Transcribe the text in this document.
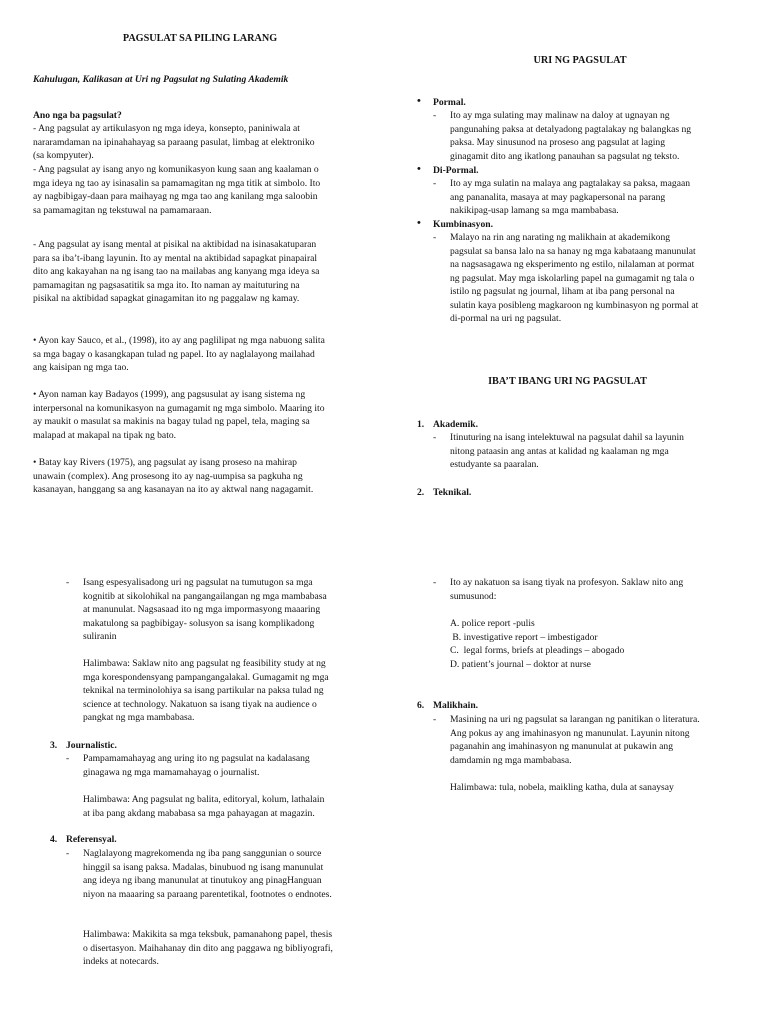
PAGSULAT SA PILING LARANG
Kahulugan, Kalikasan at Uri ng Pagsulat ng Sulating Akademik
Ano nga ba pagsulat?
- Ang pagsulat ay artikulasyon ng mga ideya, konsepto, paniniwala at
nararamdaman na ipinahahayag sa paraang pasulat, limbag at elektroniko
(sa kompyuter).
- Ang pagsulat ay isang anyo ng komunikasyon kung saan ang kaalaman o
mga ideya ng tao ay isinasalin sa pamamagitan ng mga titik at simbolo. Ito
ay nagbibigay-daan para maihayag ng mga tao ang kanilang mga saloobin
sa pamamagitan ng tekstuwal na pamamaraan.
- Ang pagsulat ay isang mental at pisikal na aktibidad na isinasakatuparan
para sa iba’t-ibang layunin. Ito ay mental na aktibidad sapagkat pinapairal
dito ang kakayahan na ng isang tao na mailabas ang kanyang mga ideya sa
pamamagitan ng pagsasatitik sa mga ito. Ito naman ay maituturing na
pisikal na aktibidad sapagkat ginagamitan ito ng paggalaw ng kamay.
• Ayon kay Sauco, et al., (1998), ito ay ang paglilipat ng mga nabuong salita
sa mga bagay o kasangkapan tulad ng papel. Ito ay naglalayong mailahad
ang kaisipan ng mga tao.
• Ayon naman kay Badayos (1999), ang pagsusulat ay isang sistema ng
interpersonal na komunikasyon na gumagamit ng mga simbolo. Maaring ito
ay maukit o masulat sa makinis na bagay tulad ng papel, tela, maging sa
malapad at makapal na tipak ng bato.
• Batay kay Rivers (1975), ang pagsulat ay isang proseso na mahirap
unawain (complex). Ang prosesong ito ay nag-uumpisa sa pagkuha ng
kasanayan, hanggang sa ang kasanayan na ito ay aktwal nang nagagamit.
URI NG PAGSULAT
• Pormal.
- Ito ay mga sulating may malinaw na daloy at ugnayan ng
pangunahing paksa at detalyadong pagtalakay ng balangkas ng
paksa. May sinusunod na proseso ang pagsulat at laging
ginagamit dito ang ikatlong panauhan sa pagsulat ng teksto.
• Di-Pormal.
- Ito ay mga sulatin na malaya ang pagtalakay sa paksa, magaan
ang pananalita, masaya at may pagkapersonal na parang
nakikipag-usap lamang sa mga mambabasa.
• Kumbinasyon.
- Malayo na rin ang narating ng malikhain at akademikong
pagsulat sa bansa lalo na sa hanay ng mga kabataang manunulat
na nagsasagawa ng eksperimento ng estilo, nilalaman at pormat
ng pagsulat. May mga iskolarling papel na gumagamit ng tala o
istilo ng pagsulat ng journal, liham at iba pang personal na
sulatin kaya posibleng magkaroon ng kumbinasyon ng pormal at
di-pormal na uri ng pagsulat.
IBA’T IBANG URI NG PAGSULAT
1. Akademik.
- Itinuturing na isang intelektuwal na pagsulat dahil sa layunin
nitong pataasin ang antas at kalidad ng kaalaman ng mga
estudyante sa paaralan.
2. Teknikal.
- Isang espesyalisadong uri ng pagsulat na tumutugon sa mga
kognitib at sikolohikal na pangangailangan ng mga mambabasa
at manunulat. Nagsasaad ito ng mga impormasyong maaaring
makatulong sa pagbibigay- solusyon sa isang komplikadong
suliranin
Halimbawa: Saklaw nito ang pagsulat ng feasibility study at ng
mga korespondensyang pampangangalakal. Gumagamit ng mga
teknikal na terminolohiya sa isang partikular na paksa tulad ng
science at technology. Nakatuon sa isang tiyak na audience o
pangkat ng mga mambabasa.
3. Journalistic.
- Pampamamahayag ang uring ito ng pagsulat na kadalasang
ginagawa ng mga mamamahayag o journalist.
Halimbawa: Ang pagsulat ng balita, editoryal, kolum, lathalain
at iba pang akdang mababasa sa mga pahayagan at magazin.
4. Referensyal.
- Naglalayong magrekomenda ng iba pang sanggunian o source
hinggil sa isang paksa. Madalas, binubuod ng isang manunulat
ang ideya ng ibang manunulat at tinutukoy ang pinagHanguan
niyon na maaaring sa paraang parentetikal, footnotes o endnotes.
Halimbawa: Makikita sa mga teksbuk, pamanahong papel, thesis
o disertasyon. Maihahanay din dito ang paggawa ng bibliyografi,
indeks at notecards.
- Ito ay nakatuon sa isang tiyak na profesyon. Saklaw nito ang
sumusunod:
A. police report -pulis
B. investigative report – imbestigador
C.  legal forms, briefs at pleadings – abogado
D. patient’s journal – doktor at nurse
6. Malikhain.
- Masining na uri ng pagsulat sa larangan ng panitikan o literatura.
Ang pokus ay ang imahinasyon ng manunulat. Layunin nitong
paganahin ang imahinasyon ng manunulat at pukawin ang
damdamin ng mga mambabasa.
Halimbawa: tula, nobela, maikling katha, dula at sanaysay
